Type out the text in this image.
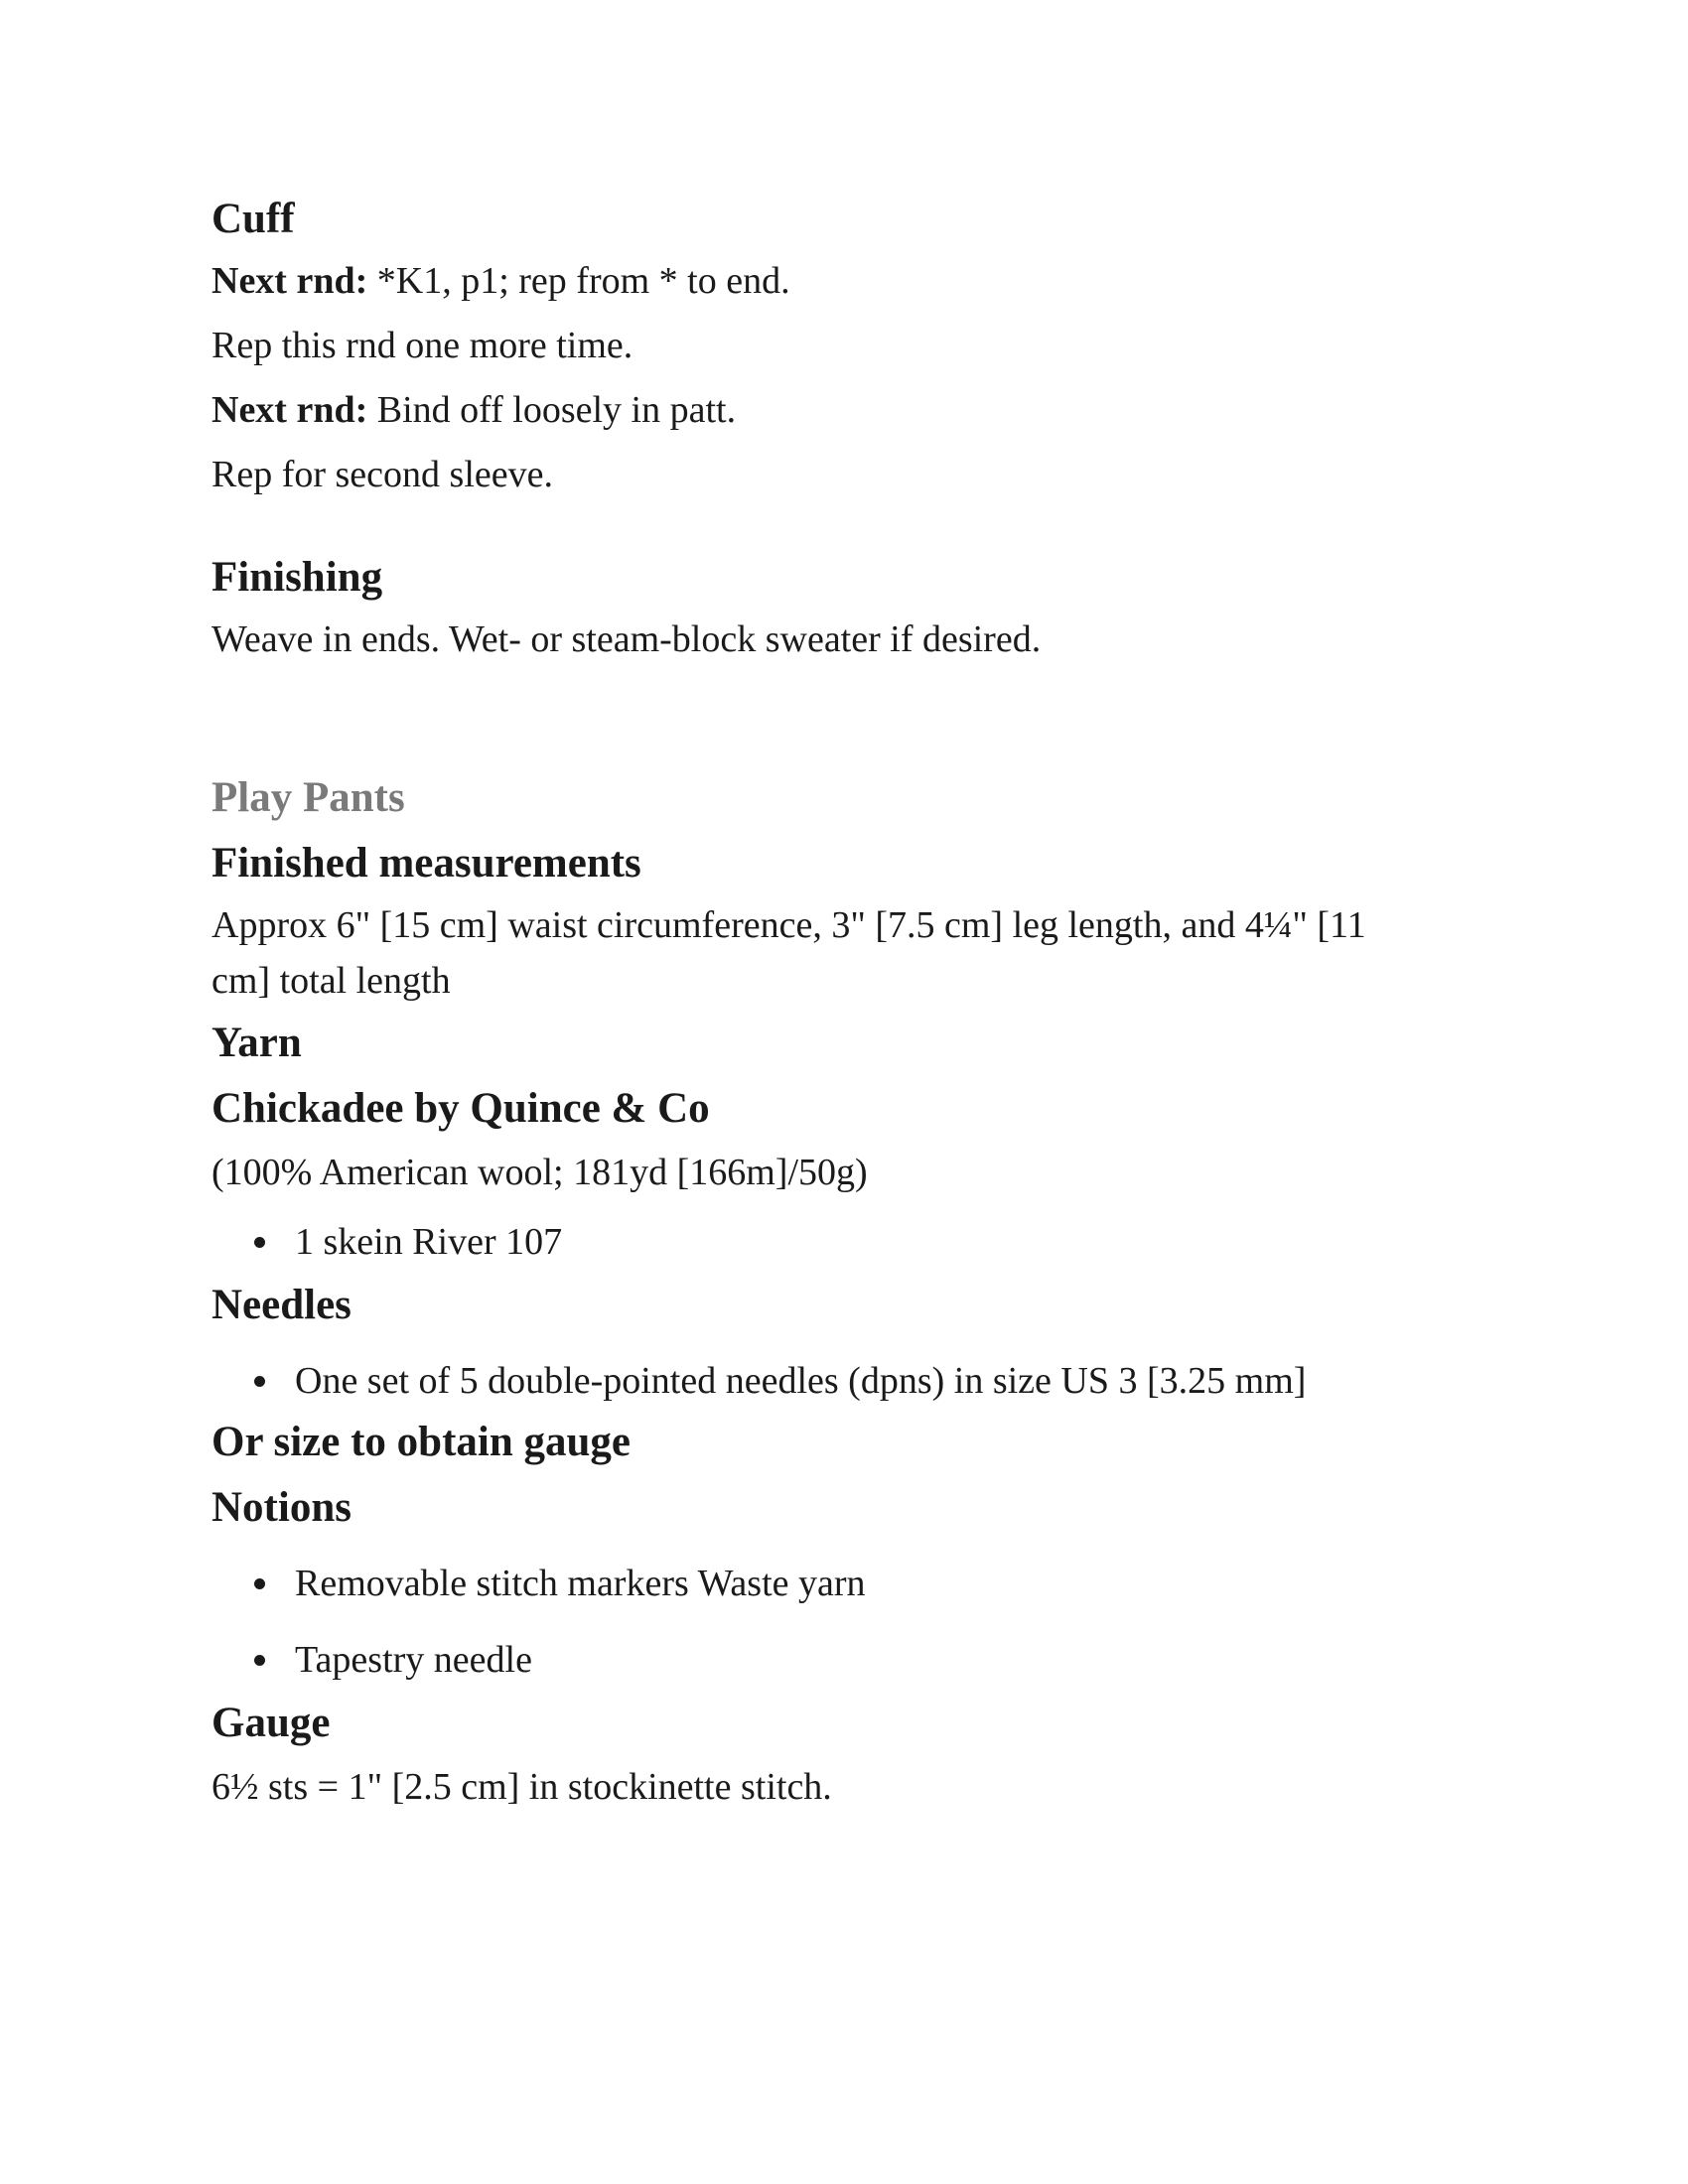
Cuff

Next rnd: *K1, p1; rep from * to end.

Rep this rnd one more time.

Next rnd: Bind off loosely in patt.

Rep for second sleeve.

Finishing

Weave in ends. Wet- or steam-block sweater if desired.

Play Pants
Finished measurements

Approx 6" [15 cm] waist circumference, 3" [7.5 cm] leg length, and 4¼" [11
cm] total length

Yarn
Chickadee by Quince & Co

(100% American wool; 181yd [166m]/50g)

1 skein River 107
Needles
One set of 5 double-pointed needles (dpns) in size US 3 [3.25 mm]
Or size to obtain gauge
Notions
Removable stitch markers Waste yarn
Tapestry needle
Gauge

6½ sts = 1" [2.5 cm] in stockinette stitch.
